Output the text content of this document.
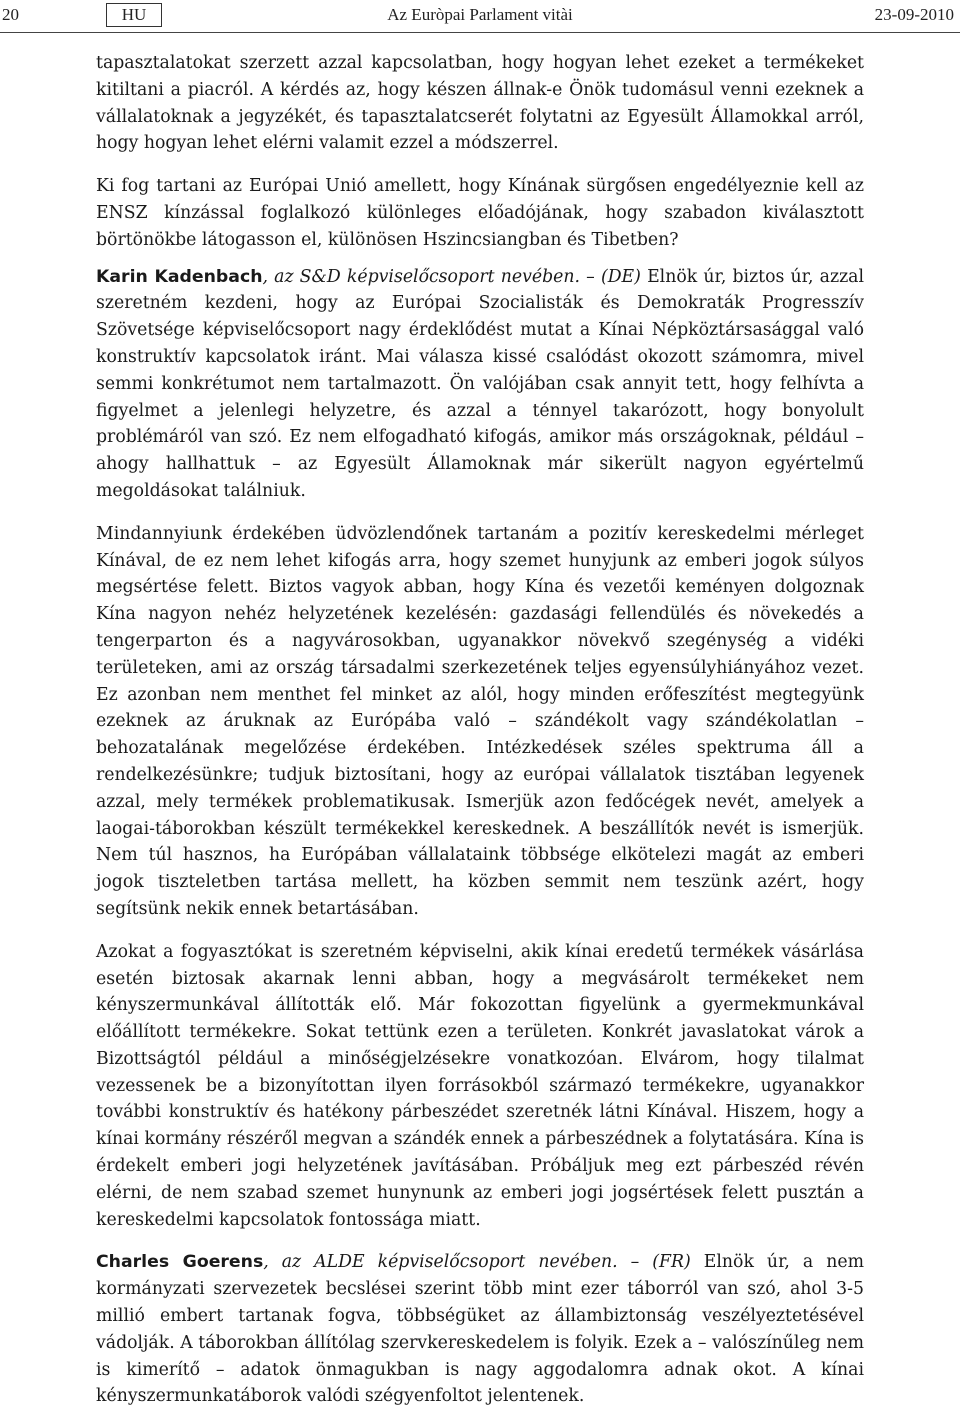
20	HU	Az Euròpai Parlament vitài	23-09-2010

tapasztalatokat szerzett azzal kapcsolatban, hogy hogyan lehet ezeket a termékeket kitiltani a piacról. A kérdés az, hogy készen állnak-e Önök tudomásul venni ezeknek a vállalatoknak a jegyzékét, és tapasztalatcserét folytatni az Egyesült Államokkal arról, hogy hogyan lehet elérni valamit ezzel a módszerrel.

Ki fog tartani az Európai Unió amellett, hogy Kínának sürgősen engedélyeznie kell az ENSZ kínzással foglalkozó különleges előadójának, hogy szabadon kiválasztott börtönökbe látogasson el, különösen Hszincsiangban és Tibetben?

Karin Kadenbach, az S&D képviselőcsoport nevében. – (DE) Elnök úr, biztos úr, azzal szeretném kezdeni, hogy az Európai Szocialisták és Demokraták Progresszív Szövetsége képviselőcsoport nagy érdeklődést mutat a Kínai Népköztársasággal való konstruktív kapcsolatok iránt. Mai válasza kissé csalódást okozott számomra, mivel semmi konkrétumot nem tartalmazott. Ön valójában csak annyit tett, hogy felhívta a figyelmet a jelenlegi helyzetre, és azzal a ténnyel takarózott, hogy bonyolult problémáról van szó. Ez nem elfogadható kifogás, amikor más országoknak, például – ahogy hallhattuk – az Egyesült Államoknak már sikerült nagyon egyértelmű megoldásokat találniuk.

Mindannyiunk érdekében üdvözlendőnek tartanám a pozitív kereskedelmi mérleget Kínával, de ez nem lehet kifogás arra, hogy szemet hunyjunk az emberi jogok súlyos megsértése felett. Biztos vagyok abban, hogy Kína és vezetői keményen dolgoznak Kína nagyon nehéz helyzetének kezelésén: gazdasági fellendülés és növekedés a tengerparton és a nagyvárosokban, ugyanakkor növekvő szegénység a vidéki területeken, ami az ország társadalmi szerkezetének teljes egyensúlyhiányához vezet. Ez azonban nem menthet fel minket az alól, hogy minden erőfeszítést megtegyünk ezeknek az áruknak az Európába való – szándékolt vagy szándékolatlan – behozatalának megelőzése érdekében. Intézkedések széles spektruma áll a rendelkezésünkre; tudjuk biztosítani, hogy az európai vállalatok tisztában legyenek azzal, mely termékek problematikusak. Ismerjük azon fedőcégek nevét, amelyek a laogai-táborokban készült termékekkel kereskednek. A beszállítók nevét is ismerjük. Nem túl hasznos, ha Európában vállalataink többsége elkötelezi magát az emberi jogok tiszteletben tartása mellett, ha közben semmit nem teszünk azért, hogy segítsünk nekik ennek betartásában.

Azokat a fogyasztókat is szeretném képviselni, akik kínai eredetű termékek vásárlása esetén biztosak akarnak lenni abban, hogy a megvásárolt termékeket nem kényszermunkával állították elő. Már fokozottan figyelünk a gyermekmunkával előállított termékekre. Sokat tettünk ezen a területen. Konkrét javaslatokat várok a Bizottságtól például a minőségjelzésekre vonatkozóan. Elvárom, hogy tilalmat vezessenek be a bizonyítottan ilyen forrásokból származó termékekre, ugyanakkor további konstruktív és hatékony párbeszédet szeretnék látni Kínával. Hiszem, hogy a kínai kormány részéről megvan a szándék ennek a párbeszédnek a folytatására. Kína is érdekelt emberi jogi helyzetének javításában. Próbáljuk meg ezt párbeszéd révén elérni, de nem szabad szemet hunynunk az emberi jogi jogsértések felett pusztán a kereskedelmi kapcsolatok fontossága miatt.

Charles Goerens, az ALDE képviselőcsoport nevében. – (FR) Elnök úr, a nem kormányzati szervezetek becslései szerint több mint ezer táborról van szó, ahol 3-5 millió embert tartanak fogva, többségüket az állambiztonság veszélyeztetésével vádolják. A táborokban állítólag szervkereskedelem is folyik. Ezek a – valószínűleg nem is kimerítő – adatok önmagukban is nagy aggodalomra adnak okot. A kínai kényszermunkatáborok valódi szégyenfoltot jelentenek.
